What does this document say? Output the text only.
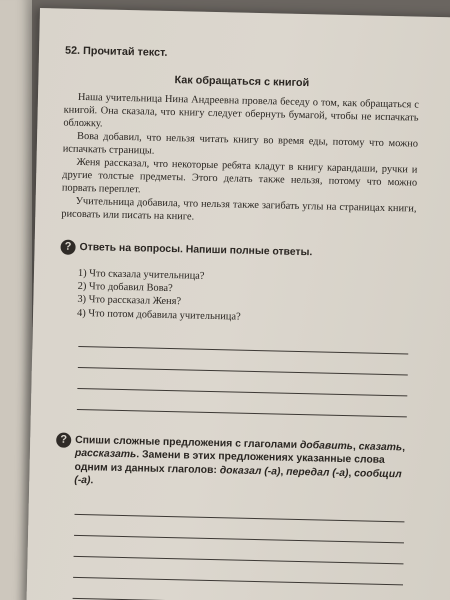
52. Прочитай текст.
Как обращаться с книгой

Наша учительница Нина Андреевна провела беседу о том, как обращаться с книгой. Она сказала, что книгу следует обернуть бумагой, чтобы не испачкать обложку.

Вова добавил, что нельзя читать книгу во время еды, потому что можно испачкать страницы.

Женя рассказал, что некоторые ребята кладут в книгу карандаши, ручки и другие толстые предметы. Этого делать также нельзя, потому что можно порвать переплет.

Учительница добавила, что нельзя также загибать углы на страницах книги, рисовать или писать на книге.

? Ответь на вопросы. Напиши полные ответы.
1) Что сказала учительница?
2) Что добавил Вова?
3) Что рассказал Женя?
4) Что потом добавила учительница?
? Спиши сложные предложения с глаголами добавить, сказать, рассказать. Замени в этих предложениях указанные слова одним из данных глаголов: доказал (-а), передал (-а), сообщил (-а).
